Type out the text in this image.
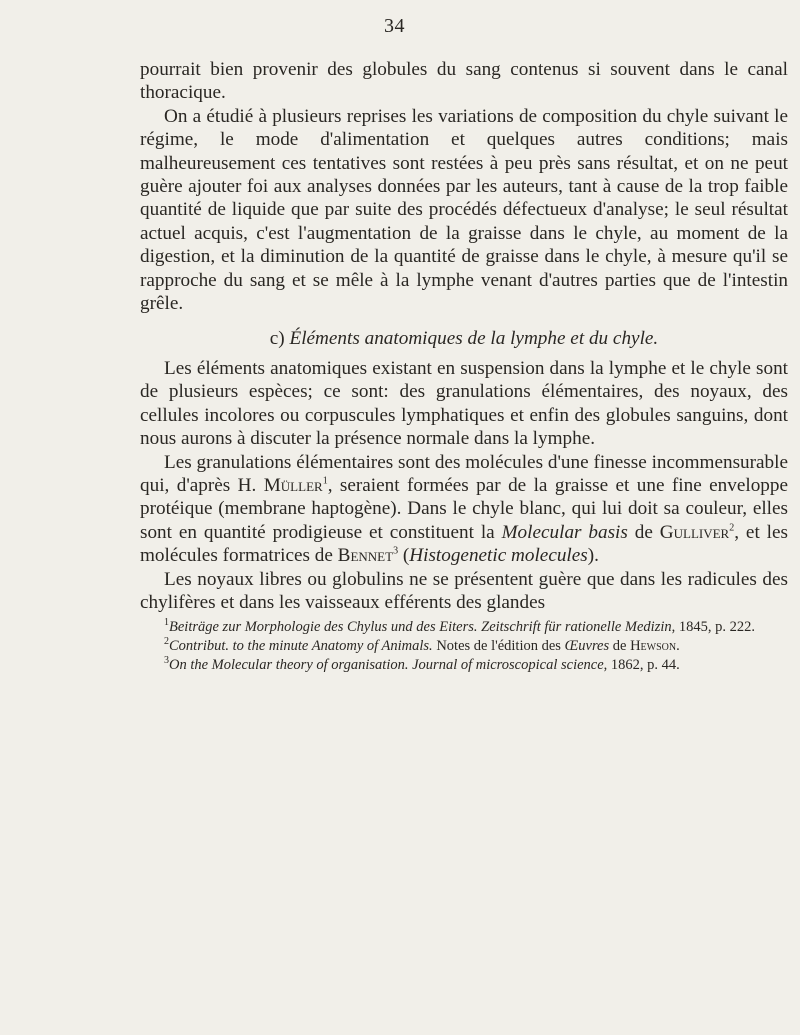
34

pourrait bien provenir des globules du sang contenus si souvent dans le canal thoracique.

On a étudié à plusieurs reprises les variations de composition du chyle suivant le régime, le mode d'alimentation et quelques autres conditions; mais malheureusement ces tentatives sont restées à peu près sans résultat, et on ne peut guère ajouter foi aux analyses données par les auteurs, tant à cause de la trop faible quantité de liquide que par suite des procédés défectueux d'analyse; le seul résultat actuel acquis, c'est l'augmentation de la graisse dans le chyle, au moment de la digestion, et la diminution de la quantité de graisse dans le chyle, à mesure qu'il se rapproche du sang et se mêle à la lymphe venant d'autres parties que de l'intestin grêle.

c) Éléments anatomiques de la lymphe et du chyle.

Les éléments anatomiques existant en suspension dans la lymphe et le chyle sont de plusieurs espèces; ce sont: des granulations élémentaires, des noyaux, des cellules incolores ou corpuscules lymphatiques et enfin des globules sanguins, dont nous aurons à discuter la présence normale dans la lymphe.

Les granulations élémentaires sont des molécules d'une finesse incommensurable qui, d'après H. Müller$^1$, seraient formées par de la graisse et une fine enveloppe protéique (membrane haptogène). Dans le chyle blanc, qui lui doit sa couleur, elles sont en quantité prodigieuse et constituent la Molecular basis de Gulliver$^2$, et les molécules formatrices de Bennet$^3$ (Histogenetic molecules).

Les noyaux libres ou globulins ne se présentent guère que dans les radicules des chylifères et dans les vaisseaux efférents des glandes

$^1$Beiträge zur Morphologie des Chylus und des Eiters. Zeitschrift für rationelle Medizin, 1845, p. 222.

$^2$Contribut. to the minute Anatomy of Animals. Notes de l'édition des Œuvres de Hewson.

$^3$On the Molecular theory of organisation. Journal of microscopical science, 1862, p. 44.
